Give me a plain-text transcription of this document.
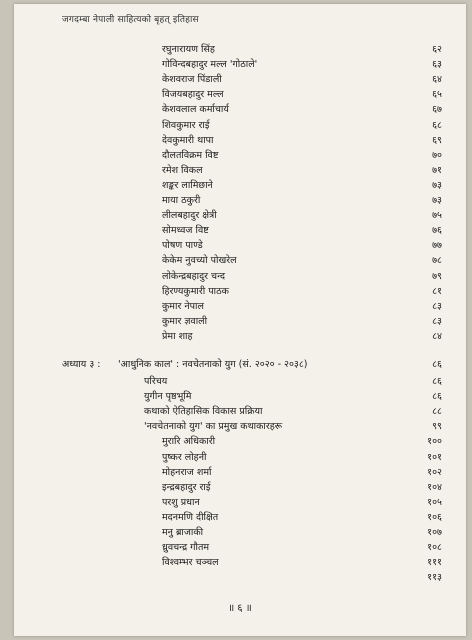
जगदम्बा नेपाली साहित्यको बृहत् इतिहास
रघुनारायण सिंह	६२
गोविन्दबहादुर मल्ल 'गोठाले'	६३
केशवराज पिंडाली	६४
विजयबहादुर मल्ल	६५
केशवलाल कर्माचार्य	६७
शिवकुमार राई	६८
देवकुमारी थापा	६९
दौलतविक्रम विष्ट	७०
रमेश विकल	७१
शङ्कर लामिछाने	७३
माया ठकुरी	७३
लीलबहादुर क्षेत्री	७५
सोमध्वज विष्ट	७६
पोषण पाण्डे	७७
केकेम नुवच्यो पोखरेल	७८
लोकेन्द्रबहादुर चन्द	७९
हिरण्यकुमारी पाठक	८१
कुमार नेपाल	८३
कुमार ज्ञवाली	८३
प्रेमा शाह	८४
अध्याय ३ : 'आधुनिक काल' : नवचेतनाको युग (सं. २०२० - २०३८)	८६
परिचय	८६
युगीन पृष्ठभूमि	८६
कथाको ऐतिहासिक विकास प्रक्रिया	८८
'नवचेतनाको युग' का प्रमुख कथाकारहरू	९९
मुरारि अधिकारी	१००
पुष्कर लोहनी	१०१
मोहनराज शर्मा	१०२
इन्द्रबहादुर राई	१०४
परशु प्रधान	१०५
मदनमणि दीक्षित	१०६
मनु ब्राजाकी	१०७
ध्रुवचन्द्र गौतम	१०८
विश्वम्भर चञ्चल	१११
११३
॥ ६ ॥
